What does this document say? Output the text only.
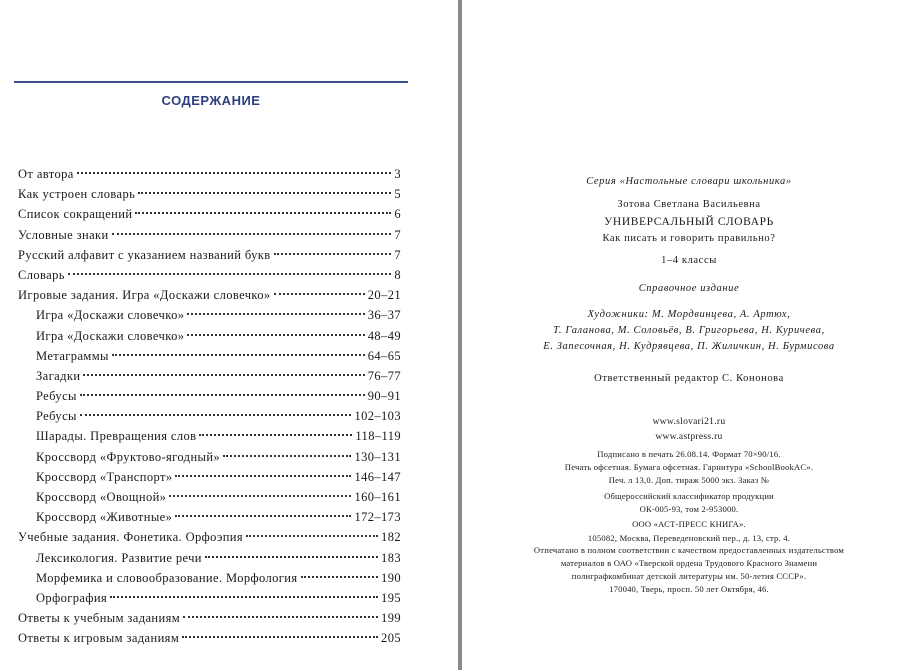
СОДЕРЖАНИЕ
От автора	3
Как устроен словарь	5
Список сокращений	6
Условные знаки	7
Русский алфавит с указанием названий букв	7
Словарь	8
Игровые задания. Игра «Доскажи словечко»	20–21
Игра «Доскажи словечко»	36–37
Игра «Доскажи словечко»	48–49
Метаграммы	64–65
Загадки	76–77
Ребусы	90–91
Ребусы	102–103
Шарады. Превращения слов	118–119
Кроссворд «Фруктово-ягодный»	130–131
Кроссворд «Транспорт»	146–147
Кроссворд «Овощной»	160–161
Кроссворд «Животные»	172–173
Учебные задания. Фонетика. Орфоэпия	182
Лексикология. Развитие речи	183
Морфемика и словообразование. Морфология	190
Орфография	195
Ответы к учебным заданиям	199
Ответы к игровым заданиям	205
Серия «Настольные словари школьника»
Зотова Светлана Васильевна
УНИВЕРСАЛЬНЫЙ СЛОВАРЬ
Как писать и говорить правильно?
1–4 классы
Справочное издание
Художники: М. Мордвинцева, А. Артюх,
Т. Галанова, М. Соловьёв, В. Григорьева, Н. Куричева,
Е. Запесочная, Н. Кудрявцева, П. Жиличкин, Н. Бурмисова
Ответственный редактор С. Кононова
www.slovari21.ru
www.astpress.ru
Подписано в печать 26.08.14. Формат 70×90/16.
Печать офсетная. Бумага офсетная. Гарнитура «SchoolBookAC».
Печ. л 13,0. Доп. тираж 5000 экз. Заказ №
Общероссийский классификатор продукции
ОК-005-93, том 2-953000.
ООО «АСТ-ПРЕСС КНИГА».
105082, Москва, Переведеновский пер., д. 13, стр. 4.
Отпечатано в полном соответствии с качеством предоставленных издательством
материалов в ОАО «Тверской ордена Трудового Красного Знамени
полиграфкомбинат детской литературы им. 50-летия СССР».
170040, Тверь, просп. 50 лет Октября, 46.
